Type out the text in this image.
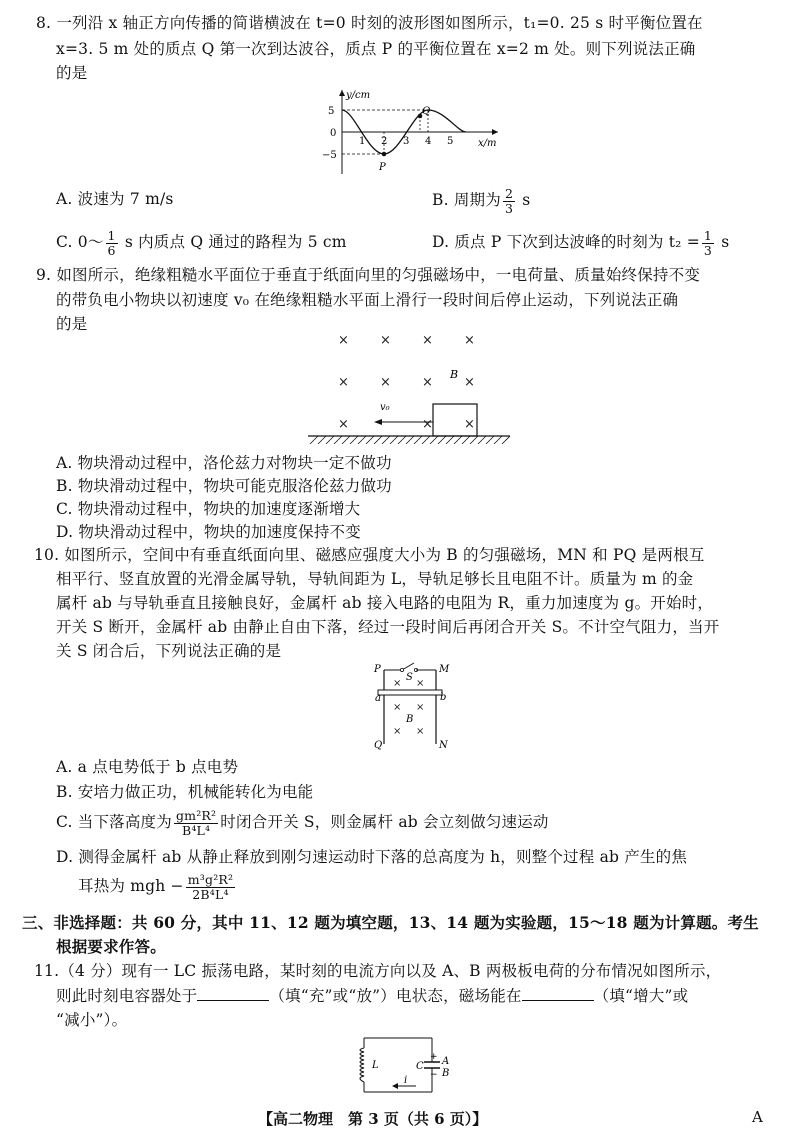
8. 一列沿 x 轴正方向传播的简谐横波在 t=0 时刻的波形图如图所示，t₁=0. 25 s 时平衡位置在
x=3. 5 m 处的质点 Q 第一次到达波谷，质点 P 的平衡位置在 x=2 m 处。则下列说法正确
的是
y/cm
x/m
5
0
−5
1 2 3 4 5
P
Q
A. 波速为 7 m/s	B. 周期为 $\frac{2}{3}$ s
C. 0～ $\frac{1}{6}$ s 内质点 Q 通过的路程为 5 cm	D. 质点 P 下次到达波峰的时刻为 $t_2 = \frac{1}{3}$ s
9. 如图所示，绝缘粗糙水平面位于垂直于纸面向里的匀强磁场中，一电荷量、质量始终保持不变
的带负电小物块以初速度 v₀ 在绝缘粗糙水平面上滑行一段时间后停止运动，下列说法正确
的是
× × × ×
× × × ×
×	× ×
B
v₀
A. 物块滑动过程中，洛伦兹力对物块一定不做功
B. 物块滑动过程中，物块可能克服洛伦兹力做功
C. 物块滑动过程中，物块的加速度逐渐增大
D. 物块滑动过程中，物块的加速度保持不变
10. 如图所示，空间中有垂直纸面向里、磁感应强度大小为 B 的匀强磁场，MN 和 PQ 是两根互
相平行、竖直放置的光滑金属导轨，导轨间距为 L，导轨足够长且电阻不计。质量为 m 的金
属杆 ab 与导轨垂直且接触良好，金属杆 ab 接入电路的电阻为 R，重力加速度为 g。开始时，
开关 S 断开，金属杆 ab 由静止自由下落，经过一段时间后再闭合开关 S。不计空气阻力，当开
关 S 闭合后，下列说法正确的是
× ×
× ×
× ×
P
S
M
a	b
B
Q	N
A. a 点电势低于 b 点电势
B. 安培力做正功，机械能转化为电能
C. 当下落高度为 $\frac{\text{gm²R²}}{\text{B⁴L⁴}}$ 时闭合开关 S，则金属杆 ab 会立刻做匀速运动
D. 测得金属杆 ab 从静止释放到刚匀速运动时下落的总高度为 h，则整个过程 ab 产生的焦
耳热为 mgh − $\frac{\text{m³g²R²}}{\text{2B⁴L⁴}}$
三、非选择题：共 60 分，其中 11、12 题为填空题，13、14 题为实验题，15～18 题为计算题。考生
根据要求作答。
11.（4 分）现有一 LC 振荡电路，某时刻的电流方向以及 A、B 两极板电荷的分布情况如图所示，
则此时刻电容器处于	（填“充”或“放”）电状态，磁场能在	（填“增大”或
“减小”）。
L	C
+
−
A
B
i
【高二物理　第 3 页（共 6 页）】	A
